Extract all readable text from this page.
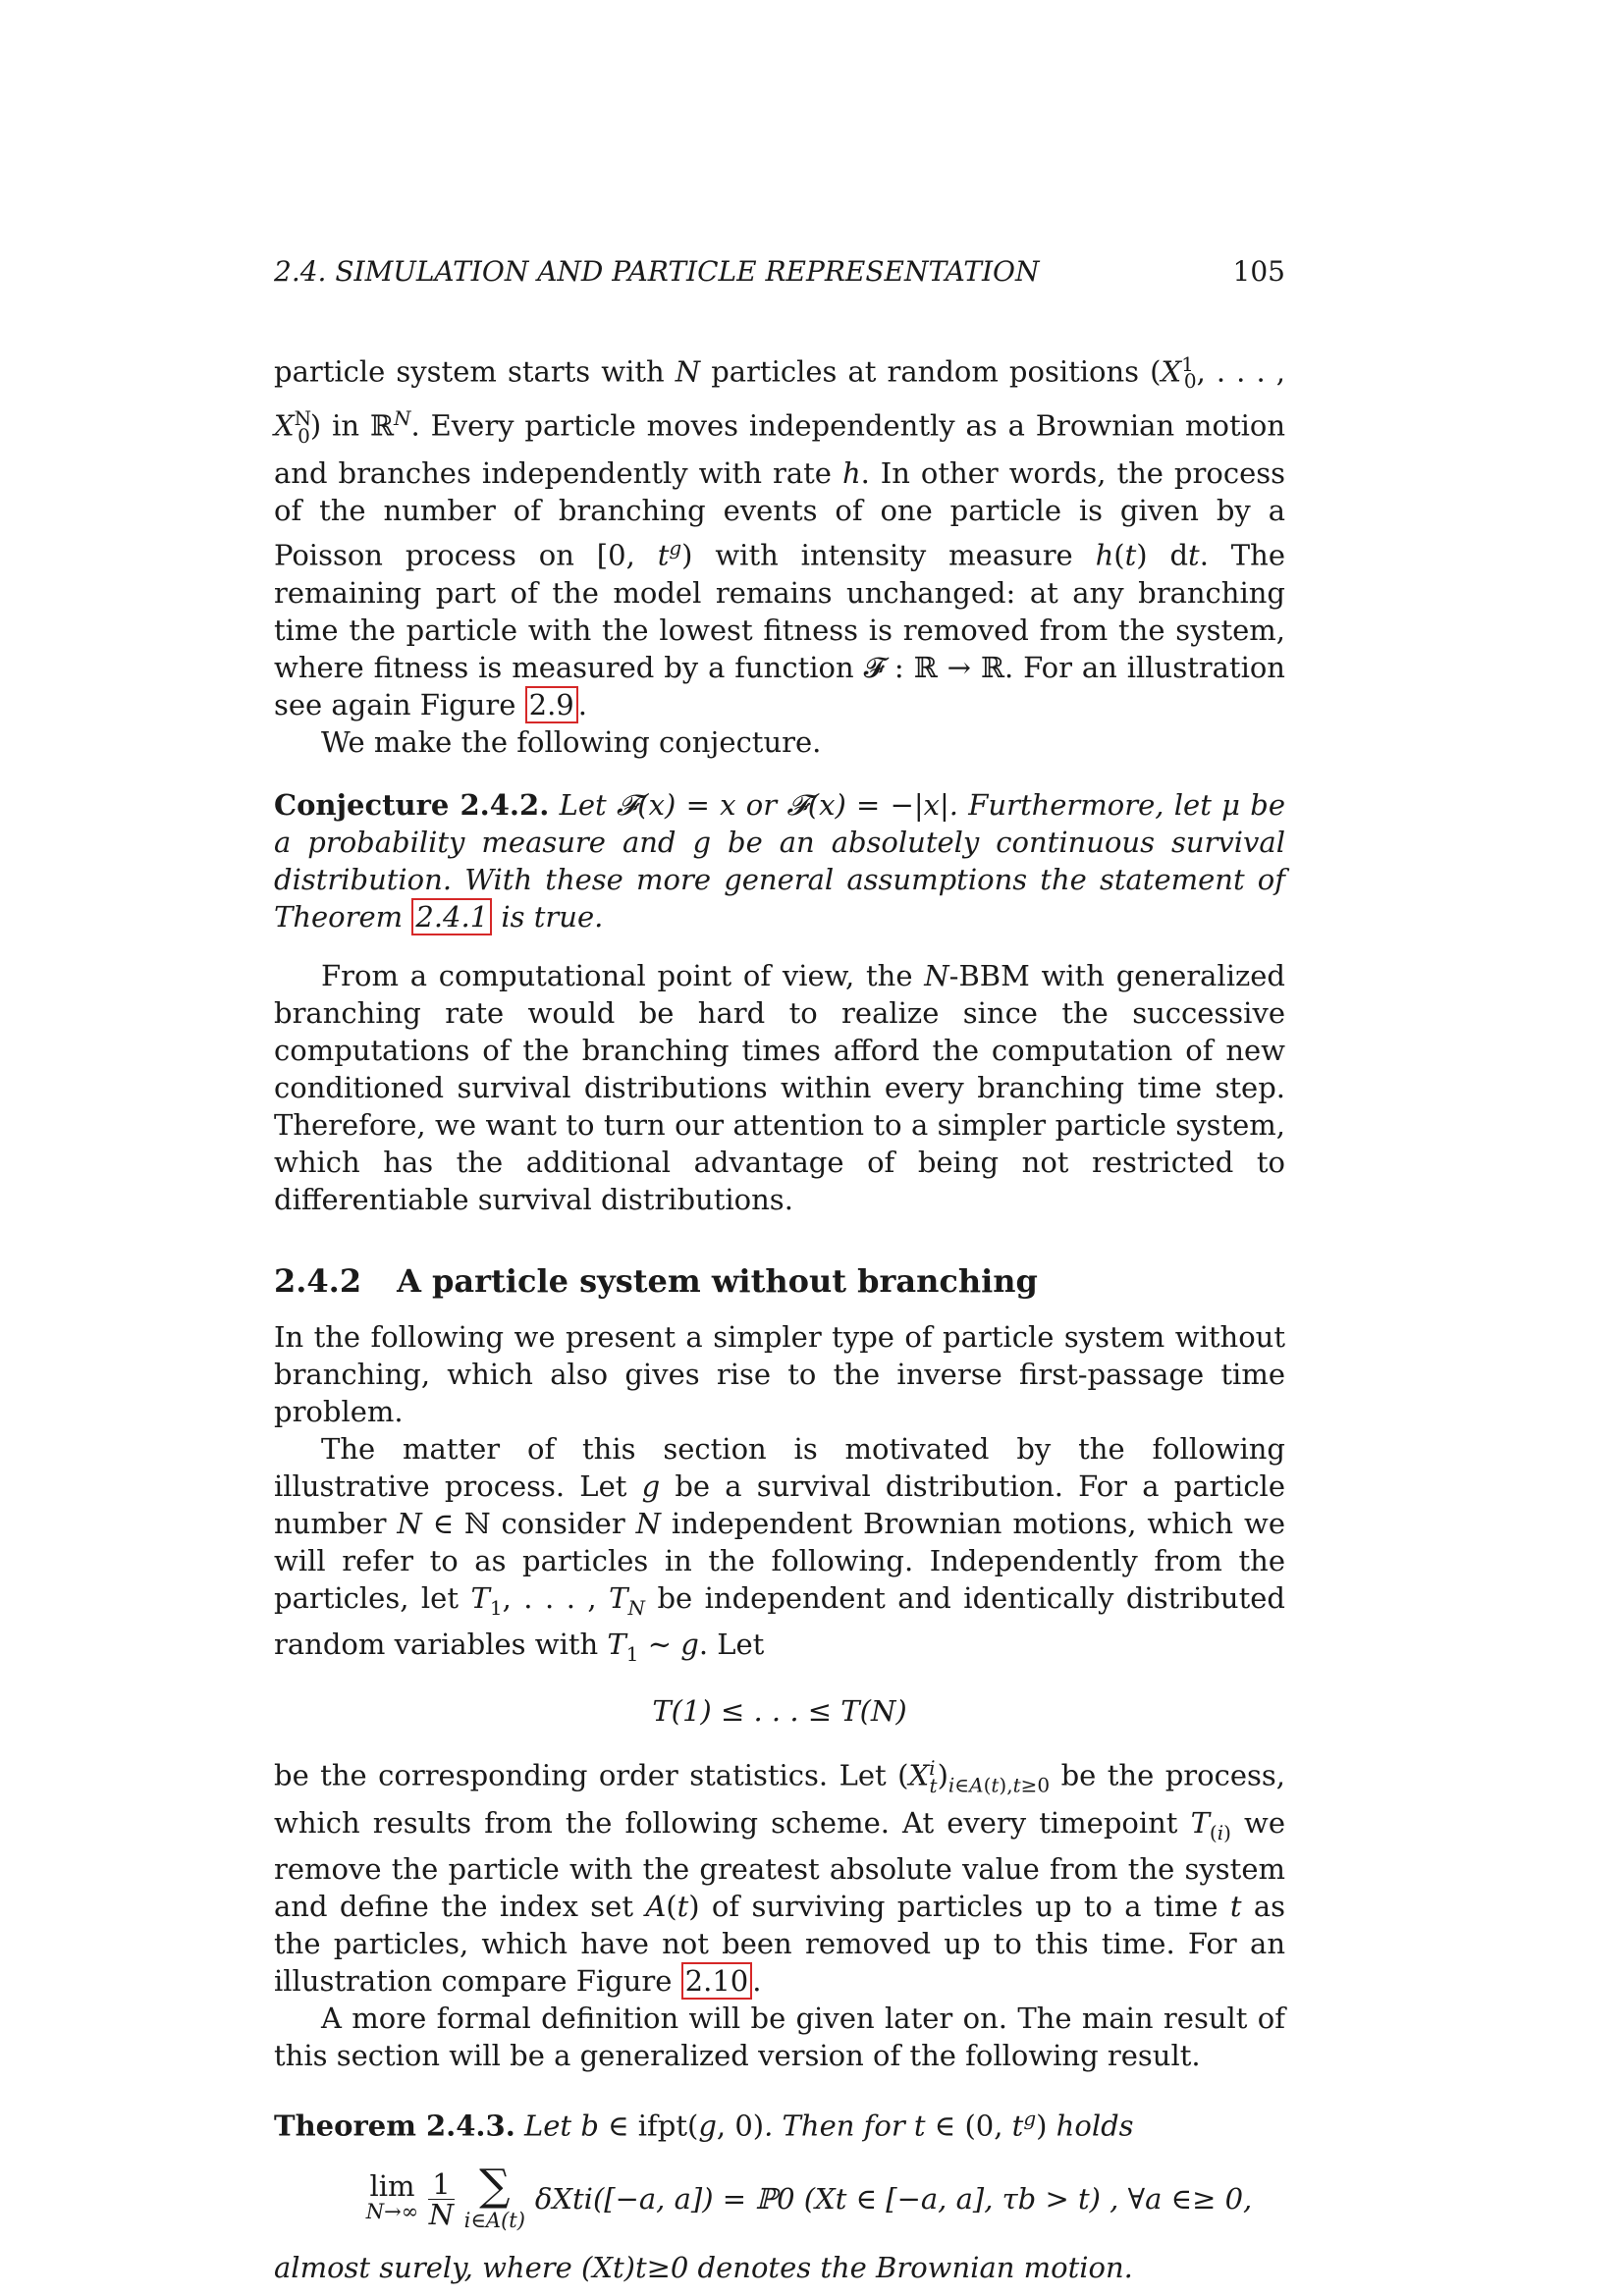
2.4. SIMULATION AND PARTICLE REPRESENTATION	105

particle system starts with N particles at random positions ($X^1_0$, . . . , $X^N_0$) in ℝ$^N$. Every particle moves independently as a Brownian motion and branches independently with rate h. In other words, the process of the number of branching events of one particle is given by a Poisson process on [0, $t^g$) with intensity measure h(t) dt. The remaining part of the model remains unchanged: at any branching time the particle with the lowest fitness is removed from the system, where fitness is measured by a function 𝓕 : ℝ → ℝ. For an illustration see again Figure 2.9 .

We make the following conjecture.

Conjecture 2.4.2. Let 𝓕(x) = x or 𝓕(x) = −|x|. Furthermore, let μ be a probability measure and g be an absolutely continuous survival distribution. With these more general assumptions the statement of Theorem 2.4.1 is true.

From a computational point of view, the N-BBM with generalized branching rate would be hard to realize since the successive computations of the branching times afford the computation of new conditioned survival distributions within every branching time step. Therefore, we want to turn our attention to a simpler particle system, which has the additional advantage of being not restricted to differentiable survival distributions.

2.4.2 A particle system without branching

In the following we present a simpler type of particle system without branching, which also gives rise to the inverse first-passage time problem.

The matter of this section is motivated by the following illustrative process. Let g be a survival distribution. For a particle number N ∈ ℕ consider N independent Brownian motions, which we will refer to as particles in the following. Independently from the particles, let $T_1$, . . . , $T_N$ be independent and identically distributed random variables with $T_1$ ∼ g. Let

T(1) ≤ . . . ≤ T(N)

be the corresponding order statistics. Let $(X^i_t)_{i\in A(t),t\ge 0}$ be the process, which results from the following scheme. At every timepoint $T_{(i)}$ we remove the particle with the greatest absolute value from the system and define the index set A(t) of surviving particles up to a time t as the particles, which have not been removed up to this time. For an illustration compare Figure 2.10 .

A more formal definition will be given later on. The main result of this section will be a generalized version of the following result.

Theorem 2.4.3. Let b ∈ ifpt(g, 0). Then for t ∈ (0, $t^g$) holds

lim
$N\to\infty \frac{1}{N}$ ∑
i∈A(t)
δXti([−a, a]) = ℙ0 (Xt ∈ [−a, a], τb > t) , ∀a ∈≥ 0,

almost surely, where (Xt)t≥0 denotes the Brownian motion.
